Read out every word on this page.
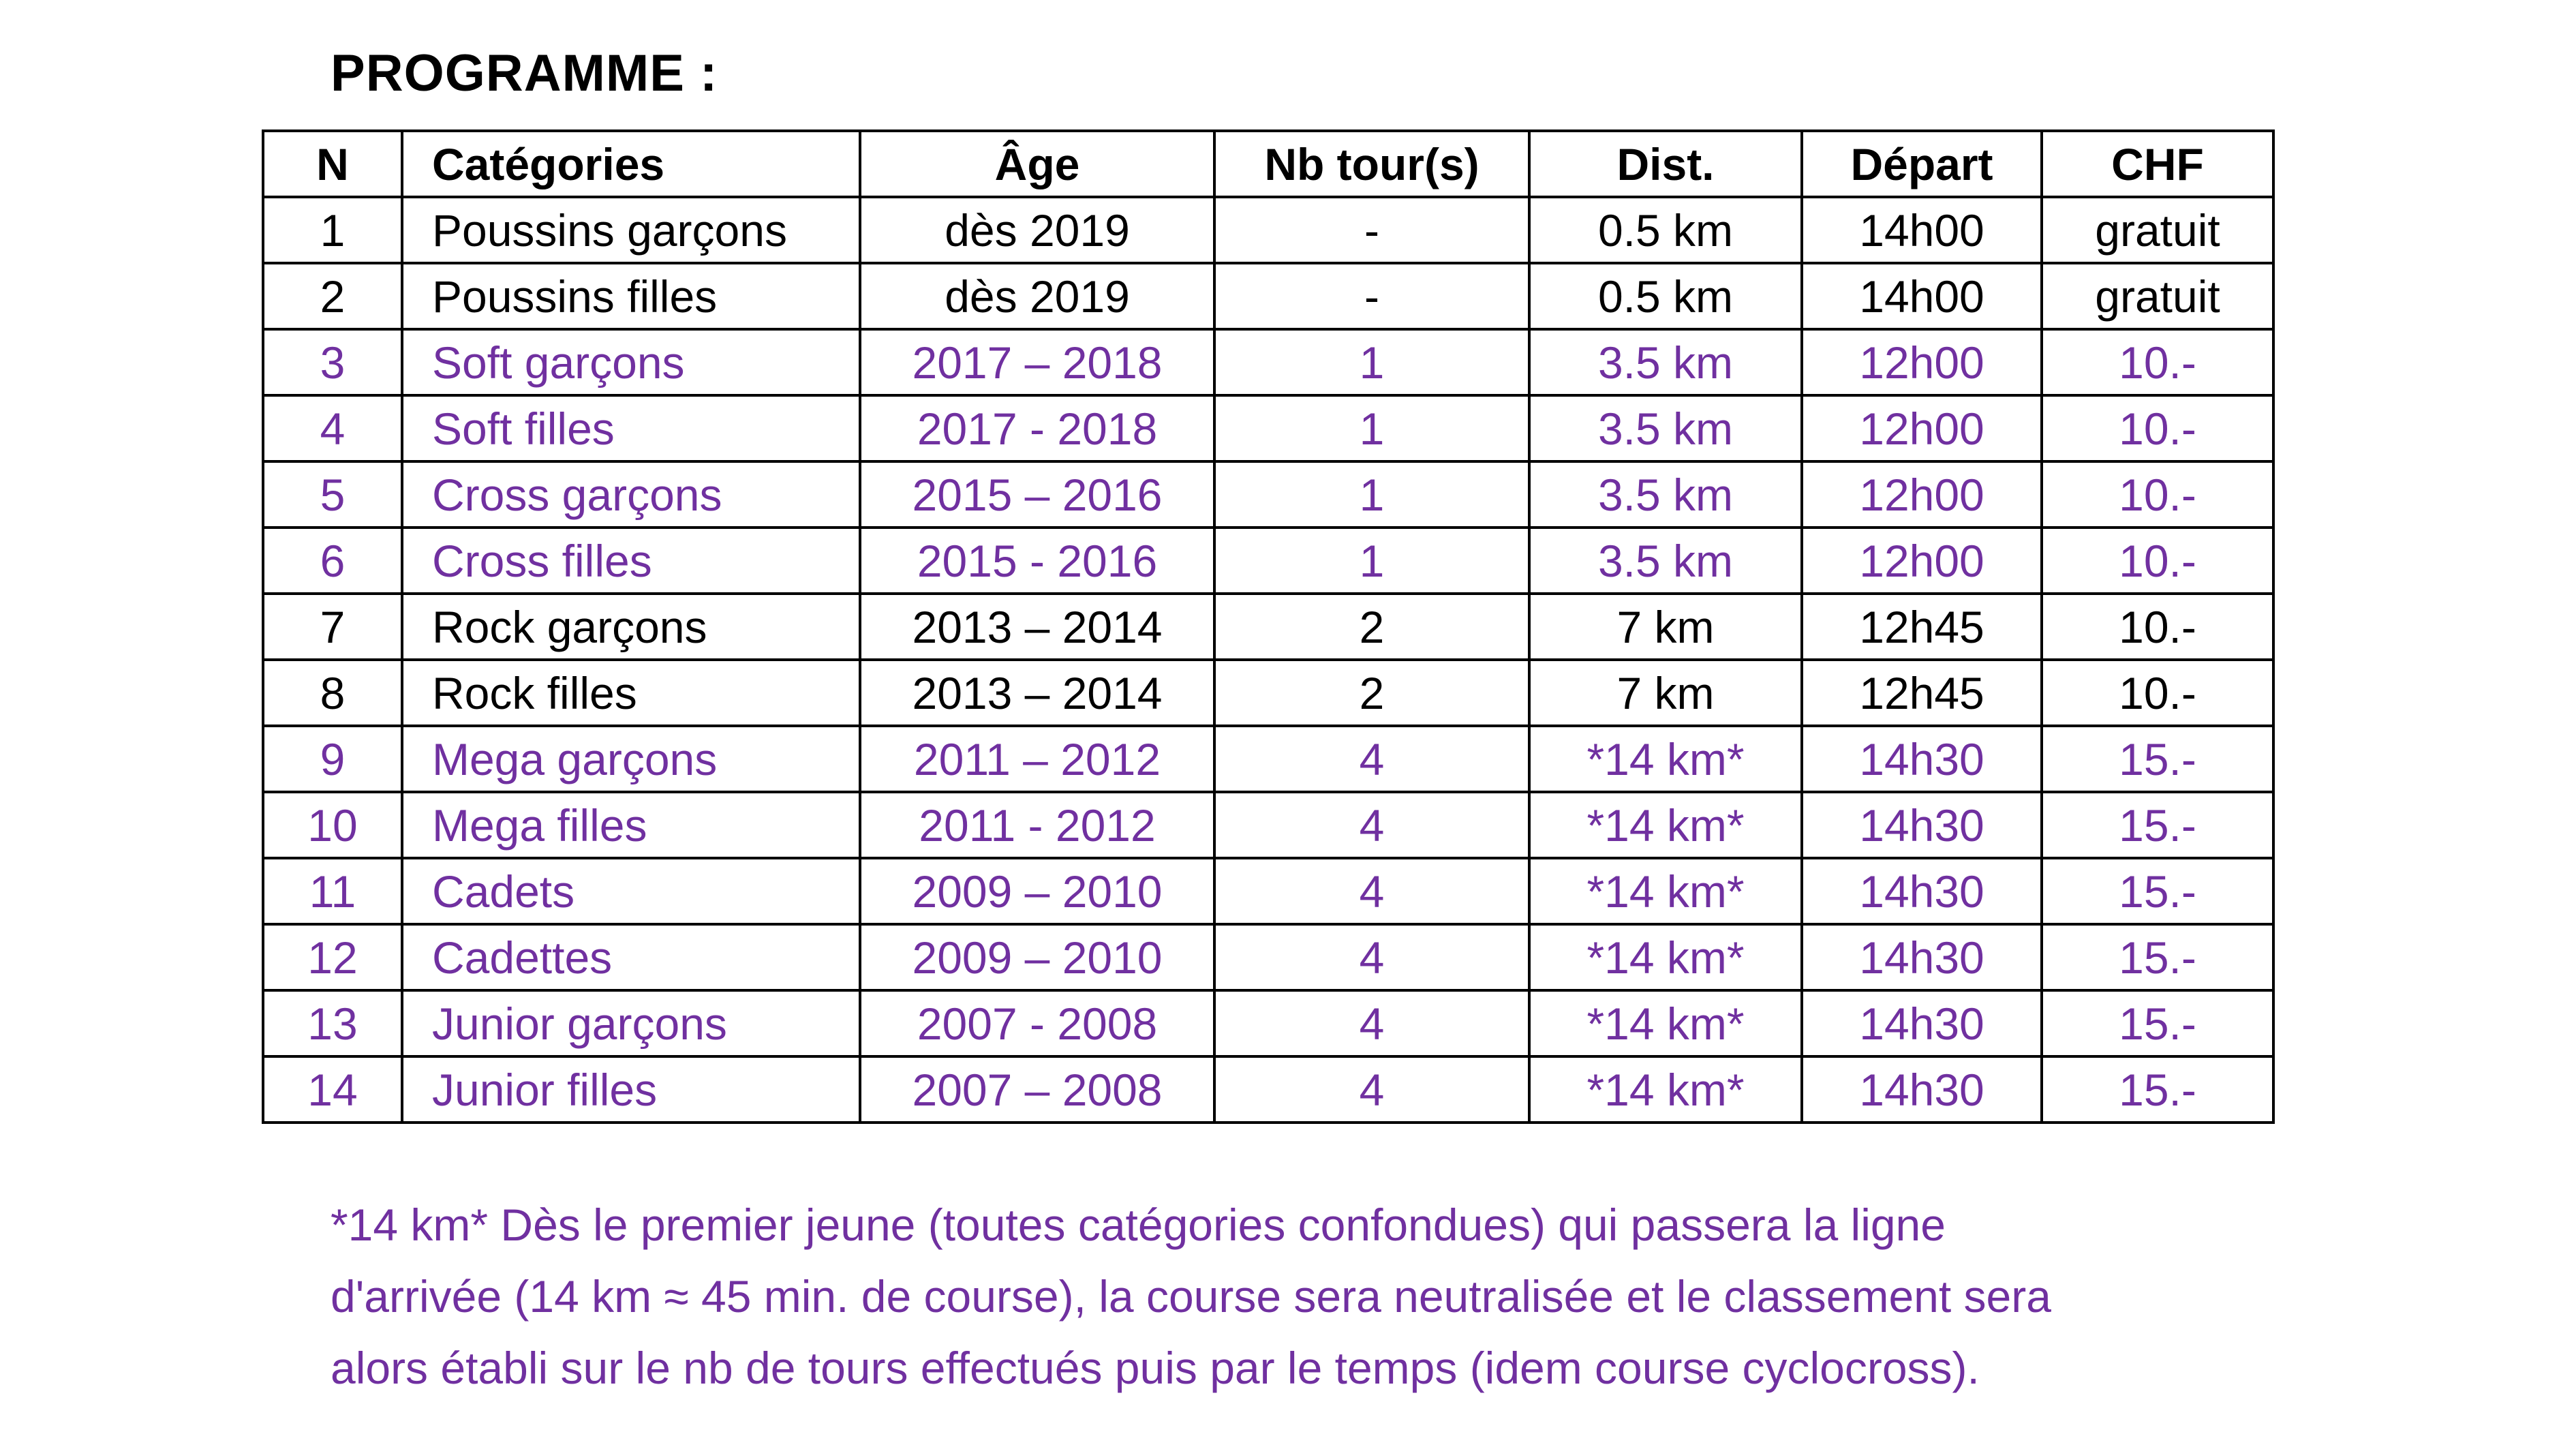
PROGRAMME :
N	Catégories	Âge	Nb tour(s)	Dist.	Départ	CHF
1	Poussins garçons	dès 2019	-	0.5 km	14h00	gratuit
2	Poussins filles	dès 2019	-	0.5 km	14h00	gratuit
3	Soft garçons	2017 – 2018	1	3.5 km	12h00	10.-
4	Soft filles	2017 - 2018	1	3.5 km	12h00	10.-
5	Cross garçons	2015 – 2016	1	3.5 km	12h00	10.-
6	Cross filles	2015 - 2016	1	3.5 km	12h00	10.-
7	Rock garçons	2013 – 2014	2	7 km	12h45	10.-
8	Rock filles	2013 – 2014	2	7 km	12h45	10.-
9	Mega garçons	2011 – 2012	4	*14 km*	14h30	15.-
10	Mega filles	2011 - 2012	4	*14 km*	14h30	15.-
11	Cadets	2009 – 2010	4	*14 km*	14h30	15.-
12	Cadettes	2009 – 2010	4	*14 km*	14h30	15.-
13	Junior garçons	2007 - 2008	4	*14 km*	14h30	15.-
14	Junior filles	2007 – 2008	4	*14 km*	14h30	15.-

*14 km* Dès le premier jeune (toutes catégories confondues) qui passera la ligne

d'arrivée (14 km ≈ 45 min. de course), la course sera neutralisée et le classement sera

alors établi sur le nb de tours effectués puis par le temps (idem course cyclocross).
